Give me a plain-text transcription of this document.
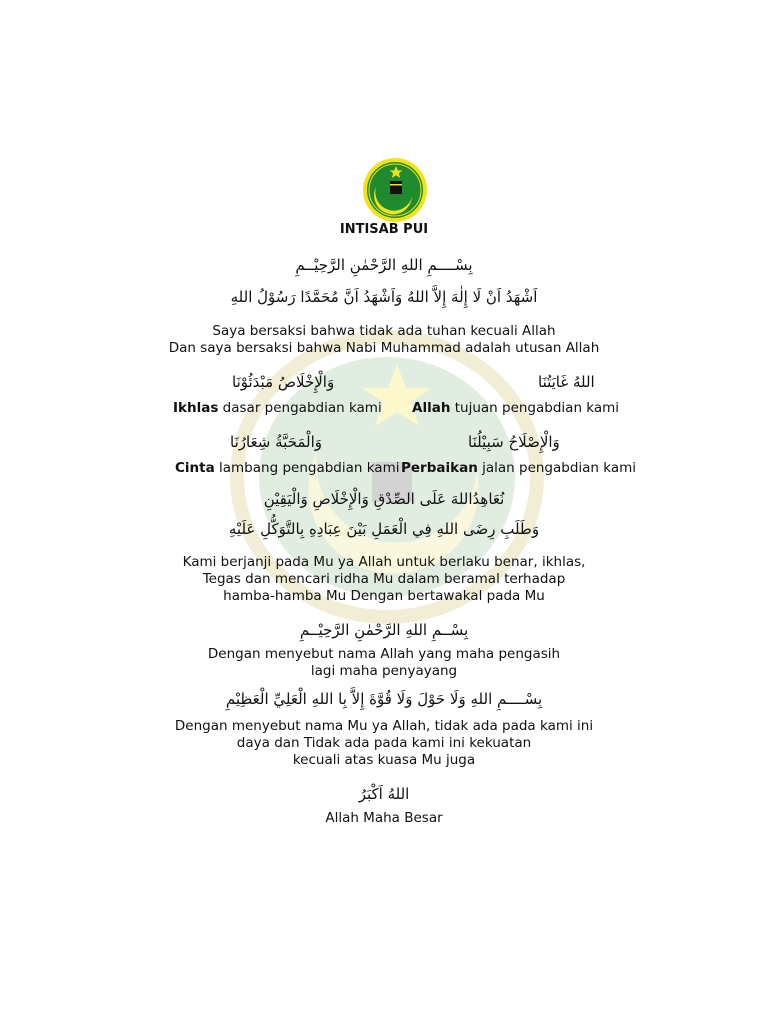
INTISAB PUI
بِسْــــمِ اللهِ الرَّحْمٰنِ الرَّحِيْــمِ
اَشْهَدُ اَنْ لَا إِلٰهَ إِلاَّ اللهُ وَاَشْهَدُ اَنَّ مُحَمَّدًا رَسُوْلُ اللهِ
Saya bersaksi bahwa tidak ada tuhan kecuali Allah
Dan saya bersaksi bahwa Nabi Muhammad adalah utusan Allah
وَالْإِخْلَاصُ مَبْدَئُوْنَا	اللهُ غَايَتُنَا
Ikhlas dasar pengabdian kami Allah tujuan pengabdian kami
وَالْمَحَبَّةُ شِعَارُنَا	وَالْإِصْلَاحُ سَبِيْلُنَا
Cinta lambang pengabdian kami Perbaikan jalan pengabdian kami
نُعَاهِدُاللهَ عَلَى الصِّدْقِ وَالْإِخْلَاصِ وَالْيَقِيْنِ
وَطَلَبِ رِضَى اللهِ فِي الْعَمَلِ بَيْنَ عِبَادِهِ بِالتَّوَكُّلِ عَلَيْهِ
Kami berjanji pada Mu ya Allah untuk berlaku benar, ikhlas,
Tegas dan mencari ridha Mu dalam beramal terhadap
hamba-hamba Mu Dengan bertawakal pada Mu
بِسْــمِ اللهِ الرَّحْمٰنِ الرَّحِيْــمِ
Dengan menyebut nama Allah yang maha pengasih
lagi maha penyayang
بِسْــــمِ اللهِ وَلَا حَوْلَ وَلَا قُوَّةَ إِلاَّ بِا اللهِ الْعَلِيِّ الْعَظِيْمِ
Dengan menyebut nama Mu ya Allah, tidak ada pada kami ini
daya dan Tidak ada pada kami ini kekuatan
kecuali atas kuasa Mu juga
اللهُ اَكْبَرُ
Allah Maha Besar
